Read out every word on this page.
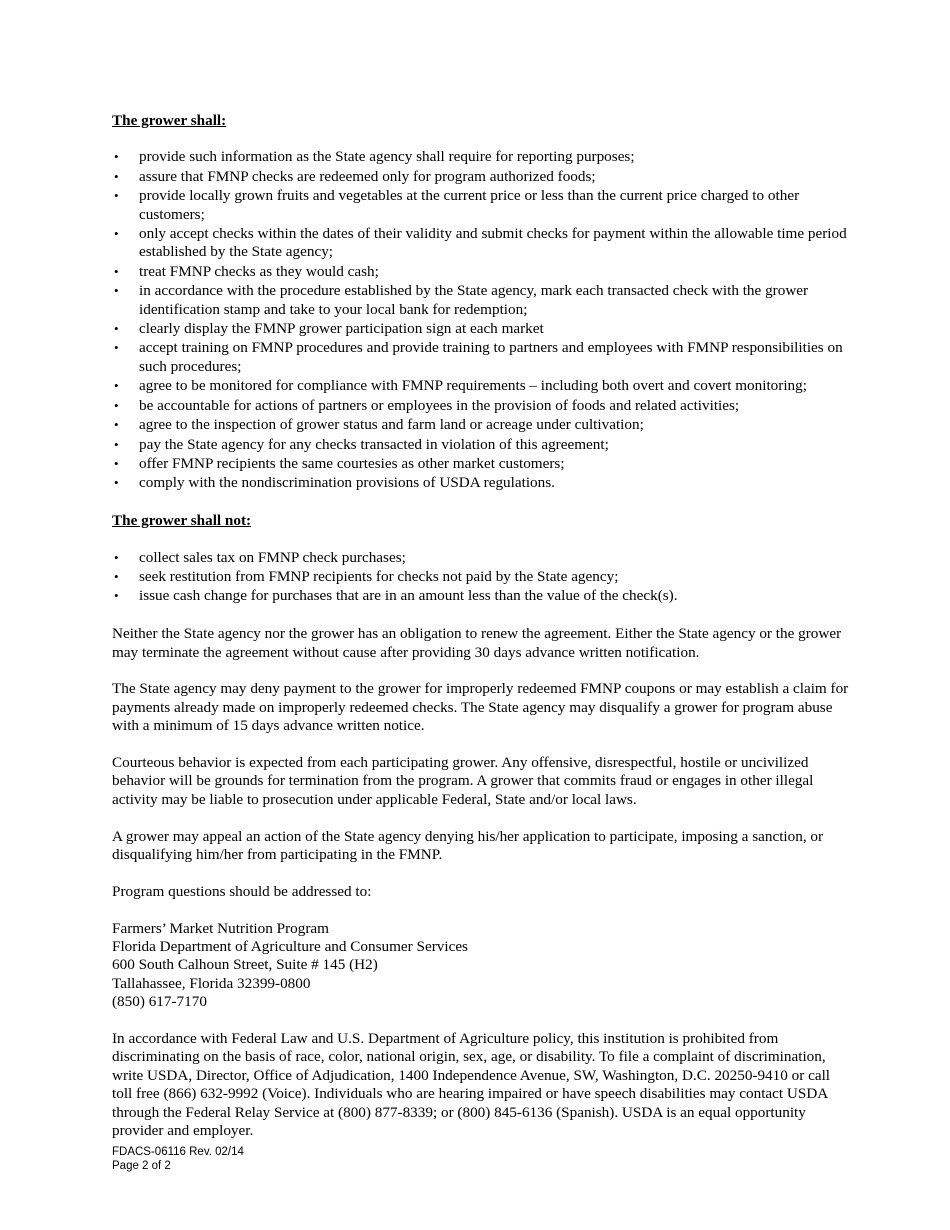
The grower shall:
• provide such information as the State agency shall require for reporting purposes;
• assure that FMNP checks are redeemed only for program authorized foods;
• provide locally grown fruits and vegetables at the current price or less than the current price charged to other customers;
• only accept checks within the dates of their validity and submit checks for payment within the allowable time period established by the State agency;
• treat FMNP checks as they would cash;
• in accordance with the procedure established by the State agency, mark each transacted check with the grower identification stamp and take to your local bank for redemption;
• clearly display the FMNP grower participation sign at each market
• accept training on FMNP procedures and provide training to partners and employees with FMNP responsibilities on such procedures;
• agree to be monitored for compliance with FMNP requirements – including both overt and covert monitoring;
• be accountable for actions of partners or employees in the provision of foods and related activities;
• agree to the inspection of grower status and farm land or acreage under cultivation;
• pay the State agency for any checks transacted in violation of this agreement;
• offer FMNP recipients the same courtesies as other market customers;
• comply with the nondiscrimination provisions of USDA regulations.
The grower shall not:
• collect sales tax on FMNP check purchases;
• seek restitution from FMNP recipients for checks not paid by the State agency;
• issue cash change for purchases that are in an amount less than the value of the check(s).

Neither the State agency nor the grower has an obligation to renew the agreement. Either the State agency or the grower may terminate the agreement without cause after providing 30 days advance written notification.

The State agency may deny payment to the grower for improperly redeemed FMNP coupons or may establish a claim for payments already made on improperly redeemed checks. The State agency may disqualify a grower for program abuse with a minimum of 15 days advance written notice.

Courteous behavior is expected from each participating grower. Any offensive, disrespectful, hostile or uncivilized behavior will be grounds for termination from the program. A grower that commits fraud or engages in other illegal activity may be liable to prosecution under applicable Federal, State and/or local laws.

A grower may appeal an action of the State agency denying his/her application to participate, imposing a sanction, or disqualifying him/her from participating in the FMNP.

Program questions should be addressed to:

Farmers’ Market Nutrition Program
Florida Department of Agriculture and Consumer Services
600 South Calhoun Street, Suite # 145 (H2)
Tallahassee, Florida 32399-0800
(850) 617-7170

In accordance with Federal Law and U.S. Department of Agriculture policy, this institution is prohibited from discriminating on the basis of race, color, national origin, sex, age, or disability. To file a complaint of discrimination, write USDA, Director, Office of Adjudication, 1400 Independence Avenue, SW, Washington, D.C. 20250-9410 or call toll free (866) 632-9992 (Voice). Individuals who are hearing impaired or have speech disabilities may contact USDA through the Federal Relay Service at (800) 877-8339; or (800) 845-6136 (Spanish). USDA is an equal opportunity provider and employer.

FDACS-06116 Rev. 02/14
Page 2 of 2
